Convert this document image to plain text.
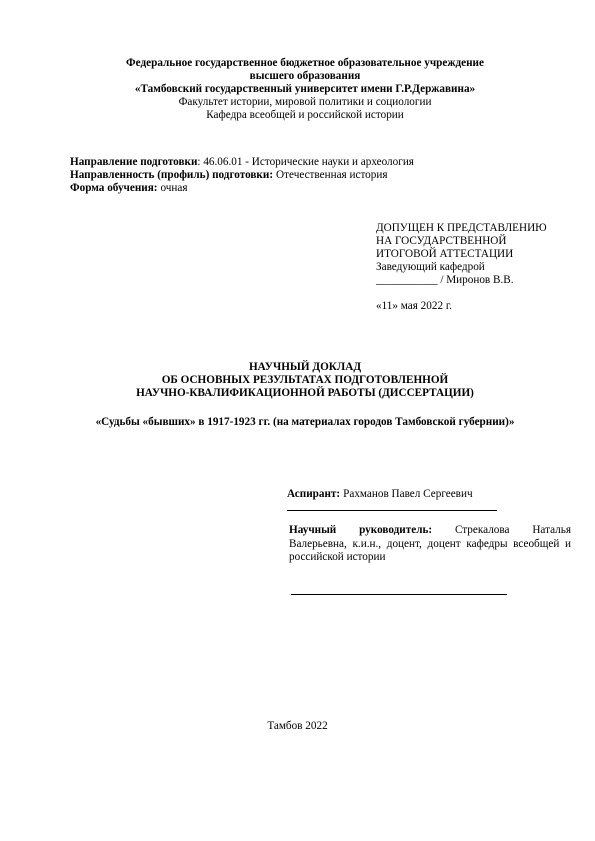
Федеральное государственное бюджетное образовательное учреждение
высшего образования
«Тамбовский государственный университет имени Г.Р.Державина»
Факультет истории, мировой политики и социологии
Кафедра всеобщей и российской истории
Направление подготовки: 46.06.01 - Исторические науки и археология
Направленность (профиль) подготовки: Отечественная история
Форма обучения: очная
ДОПУЩЕН К ПРЕДСТАВЛЕНИЮ
НА ГОСУДАРСТВЕННОЙ
ИТОГОВОЙ АТТЕСТАЦИИ
Заведующий кафедрой
___________ / Миронов В.В.
«11» мая 2022 г.
НАУЧНЫЙ ДОКЛАД
ОБ ОСНОВНЫХ РЕЗУЛЬТАТАХ ПОДГОТОВЛЕННОЙ
НАУЧНО-КВАЛИФИКАЦИОННОЙ РАБОТЫ (ДИССЕРТАЦИИ)
«Судьбы «бывших» в 1917-1923 гг. (на материалах городов Тамбовской губернии)»
Аспирант: Рахманов Павел Сергеевич
Научный руководитель: Стрекалова Наталья Валерьевна, к.и.н., доцент, доцент кафедры всеобщей и российской истории
Тамбов 2022
